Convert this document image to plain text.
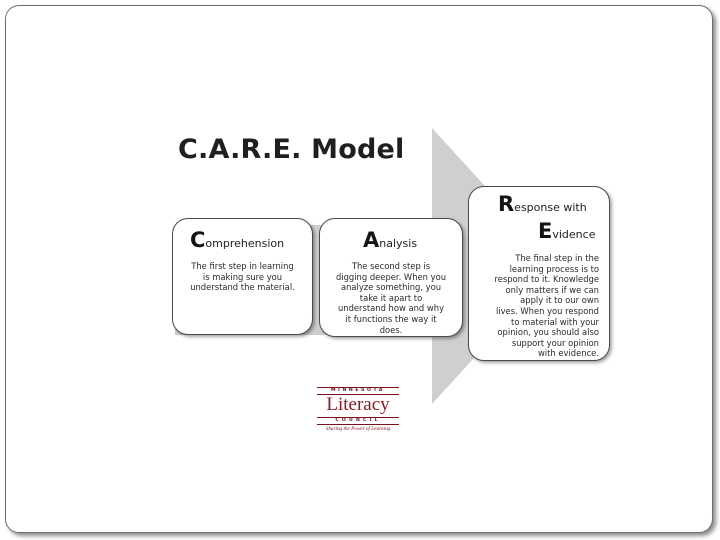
C.A.R.E. Model
Comprehension
The first step in learning
is making sure you
understand the material.
Analysis
The second step is
digging deeper. When you
analyze something, you
take it apart to
understand how and why
it functions the way it
does.
Response with
Evidence
The final step in the
learning process is to
respond to it. Knowledge
only matters if we can
apply it to our own
lives. When you respond
to material with your
opinion, you should also
support your opinion
with evidence.
MINNESOTA
Literacy
COUNCIL
Sharing the Power of Learning
